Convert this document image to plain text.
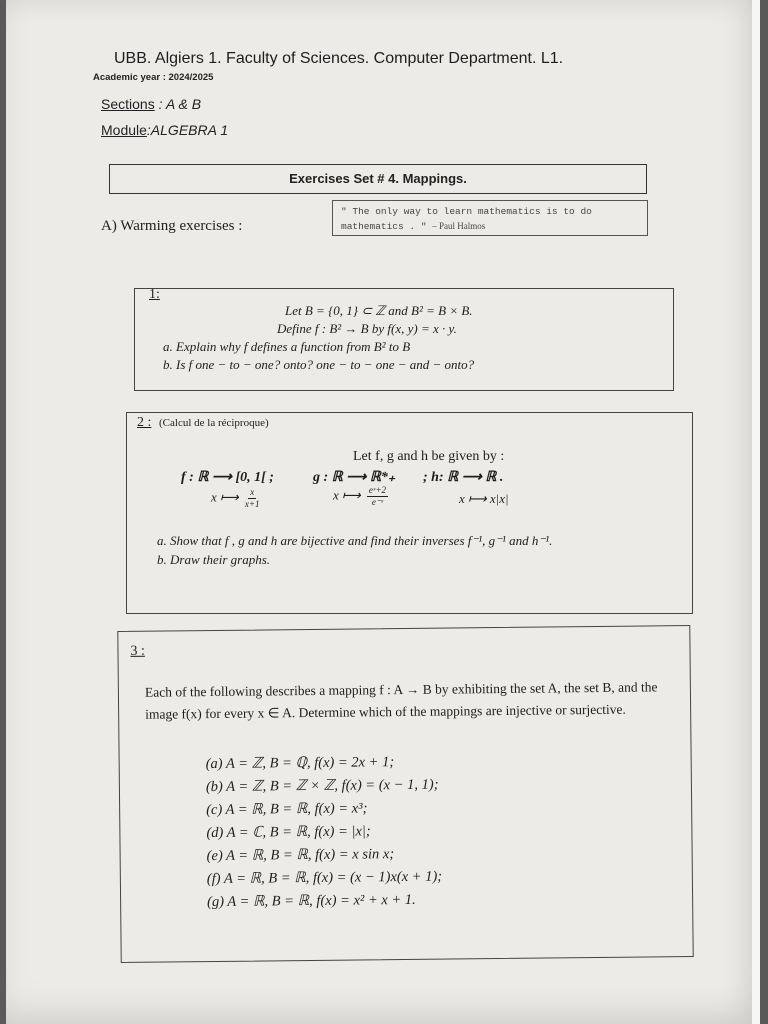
UBB. Algiers 1. Faculty of Sciences. Computer Department. L1.
Academic year : 2024/2025
Sections : A & B
Module:ALGEBRA 1
Exercises Set # 4. Mappings.
" The only way to learn mathematics is to do mathematics . " – Paul Halmos
A) Warming exercises :
1:
Let B = {0, 1} ⊂ ℤ and B² = B × B.
Define f : B² → B by f(x, y) = x · y.
a. Explain why f defines a function from B² to B
b. Is f one − to − one? onto? one − to − one − and − onto?
2 : (Calcul de la réciproque)
Let f, g and h be given by :
f : ℝ ⟶ [0, 1[ ;	g : ℝ ⟶ ℝ*₊ ; h: ℝ ⟶ ℝ .
x ⟼ $\frac{x}{x+1}$	x ⟼ $\frac{\text{eˣ+2}}{\text{e⁻ˣ}}$	x ⟼ x|x|
a. Show that f , g and h are bijective and find their inverses f⁻¹, g⁻¹ and h⁻¹.
b. Draw their graphs.
3 :
Each of the following describes a mapping f : A → B by exhibiting the set A, the set B, and the image f(x) for every x ∈ A. Determine which of the mappings are injective or surjective.
(a) A = ℤ, B = ℚ, f(x) = 2x + 1;
(b) A = ℤ, B = ℤ × ℤ, f(x) = (x − 1, 1);
(c) A = ℝ, B = ℝ, f(x) = x³;
(d) A = ℂ, B = ℝ, f(x) = |x|;
(e) A = ℝ, B = ℝ, f(x) = x sin x;
(f) A = ℝ, B = ℝ, f(x) = (x − 1)x(x + 1);
(g) A = ℝ, B = ℝ, f(x) = x² + x + 1.
